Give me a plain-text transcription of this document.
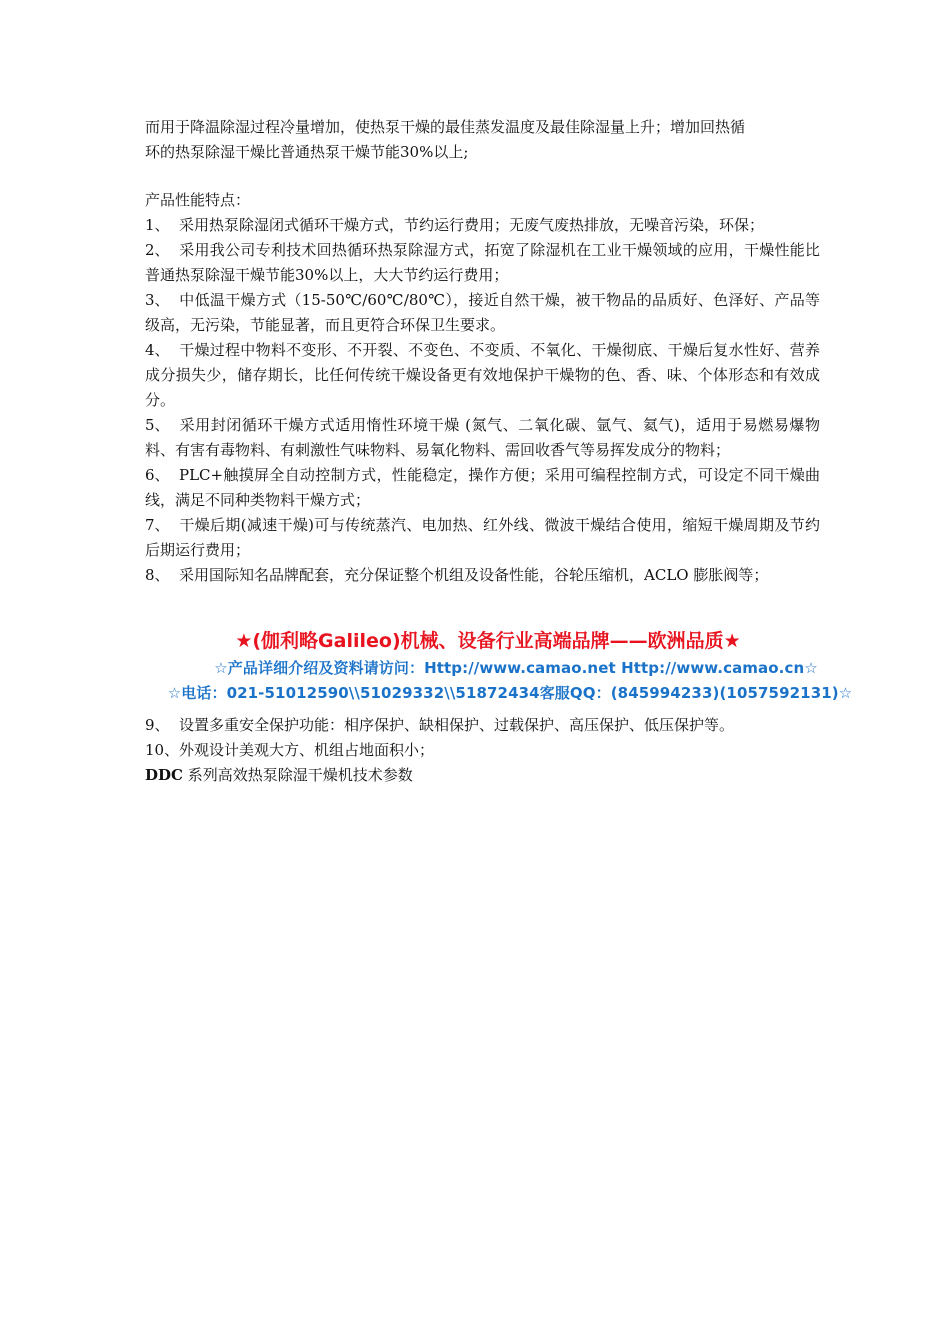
而用于降温除湿过程冷量增加，使热泵干燥的最佳蒸发温度及最佳除湿量上升；增加回热循
环的热泵除湿干燥比普通热泵干燥节能30%以上;

产品性能特点：

1、 采用热泵除湿闭式循环干燥方式，节约运行费用；无废气废热排放，无噪音污染，环保；
2、 采用我公司专利技术回热循环热泵除湿方式，拓宽了除湿机在工业干燥领域的应用，干燥性能比普通热泵除湿干燥节能30%以上，大大节约运行费用；
3、 中低温干燥方式（15-50℃/60℃/80℃），接近自然干燥，被干物品的品质好、色泽好、产品等级高，无污染，节能显著，而且更符合环保卫生要求。
4、 干燥过程中物料不变形、不开裂、不变色、不变质、不氧化、干燥彻底、干燥后复水性好、营养成分损失少，储存期长，比任何传统干燥设备更有效地保护干燥物的色、香、味、个体形态和有效成分。
5、 采用封闭循环干燥方式适用惰性环境干燥 (氮气、二氧化碳、氩气、氦气)，适用于易燃易爆物料、有害有毒物料、有刺激性气味物料、易氧化物料、需回收香气等易挥发成分的物料；
6、 PLC+触摸屏全自动控制方式，性能稳定，操作方便；采用可编程控制方式，可设定不同干燥曲线，满足不同种类物料干燥方式；
7、 干燥后期(减速干燥)可与传统蒸汽、电加热、红外线、微波干燥结合使用，缩短干燥周期及节约后期运行费用；
8、 采用国际知名品牌配套，充分保证整个机组及设备性能，谷轮压缩机，ACLO 膨胀阀等；
★(伽利略Galileo)机械、设备行业高端品牌——欧洲品质★
☆产品详细介绍及资料请访问：Http://www.camao.net Http://www.camao.cn☆
☆电话：021-51012590\\51029332\\51872434客服QQ：(845994233)(1057592131)☆
9、 设置多重安全保护功能：相序保护、缺相保护、过载保护、高压保护、低压保护等。
10、外观设计美观大方、机组占地面积小；

DDC 系列高效热泵除湿干燥机技术参数
